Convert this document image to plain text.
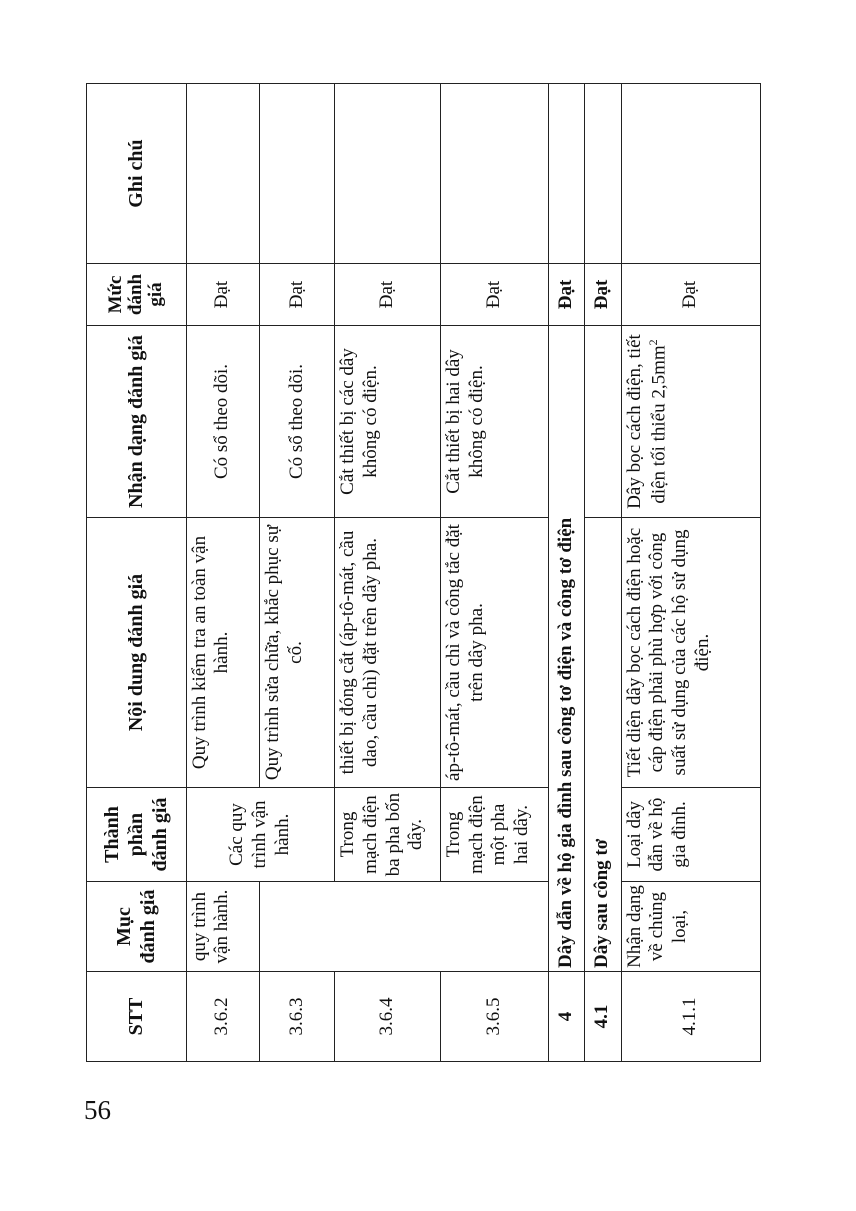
56
STT	Mục đánh giá	Thành phần đánh giá	Nội dung đánh giá	Nhận dạng đánh giá	Mức đánh giá	Ghi chú
3.6.2	quy trình vận hành.	Các quy trình vận hành.	Quy trình kiểm tra an toàn vận hành.	Có sổ theo dõi.	Đạt	
3.6.3			Quy trình sửa chữa, khắc phục sự cố.	Có sổ theo dõi.	Đạt	
3.6.4		Trong mạch điện ba pha bốn dây.	thiết bị đóng cắt (áp-tô-mát, cầu dao, cầu chì) đặt trên dây pha.	Cắt thiết bị các dây không có điện.	Đạt	
3.6.5		Trong mạch điện một pha hai dây.	áp-tô-mát, cầu chì và công tắc đặt trên dây pha.	Cắt thiết bị hai dây không có điện.	Đạt	
4	Dây dẫn về hộ gia đình sau công tơ điện và công tơ điện				Đạt	
4.1	Dây sau công tơ				Đạt	
4.1.1	Nhận dạng về chủng loại,	Loại dây dẫn về hộ gia đình.	Tiết diện dây bọc cách điện hoặc cáp điện phải phù hợp với công suất sử dụng của các hộ sử dụng điện.	Dây bọc cách điện, tiết diện tối thiểu $2,5mm^2$	Đạt	
